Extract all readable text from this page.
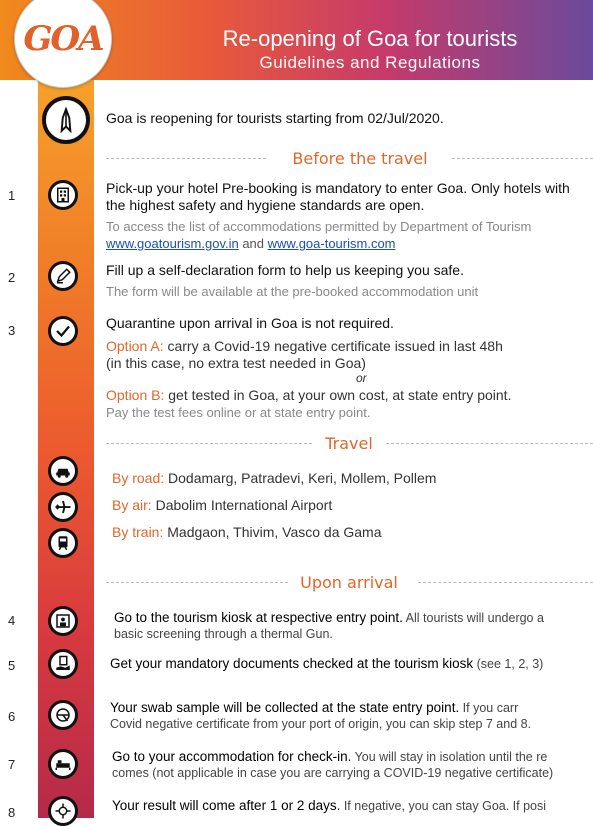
GOA	Re-opening of Goa for tourists
Guidelines and Regulations
Goa is reopening for tourists starting from 02/Jul/2020.
Before the travel
1	Pick-up your hotel Pre-booking is mandatory to enter Goa. Only hotels with
the highest safety and hygiene standards are open.
To access the list of accommodations permitted by Department of Tourism
www.goatourism.gov.in and www.goa-tourism.com
2	Fill up a self-declaration form to help us keeping you safe.
The form will be available at the pre-booked accommodation unit
3	Quarantine upon arrival in Goa is not required.
Option A: carry a Covid-19 negative certificate issued in last 48h
(in this case, no extra test needed in Goa)
or
Option B: get tested in Goa, at your own cost, at state entry point.
Pay the test fees online or at state entry point.
Travel
By road: Dodamarg, Patradevi, Keri, Mollem, Pollem
By air: Dabolim International Airport
By train: Madgaon, Thivim, Vasco da Gama
Upon arrival
4	Go to the tourism kiosk at respective entry point. All tourists will undergo a
basic screening through a thermal Gun.
5	Get your mandatory documents checked at the tourism kiosk (see 1, 2, 3)
6
Your swab sample will be collected at the state entry point. If you carr
Covid negative certificate from your port of origin, you can skip step 7 and 8.
7
Go to your accommodation for check-in. You will stay in isolation until the re
comes (not applicable in case you are carrying a COVID-19 negative certificate)
8	Your result will come after 1 or 2 days. If negative, you can stay Goa. If posi
